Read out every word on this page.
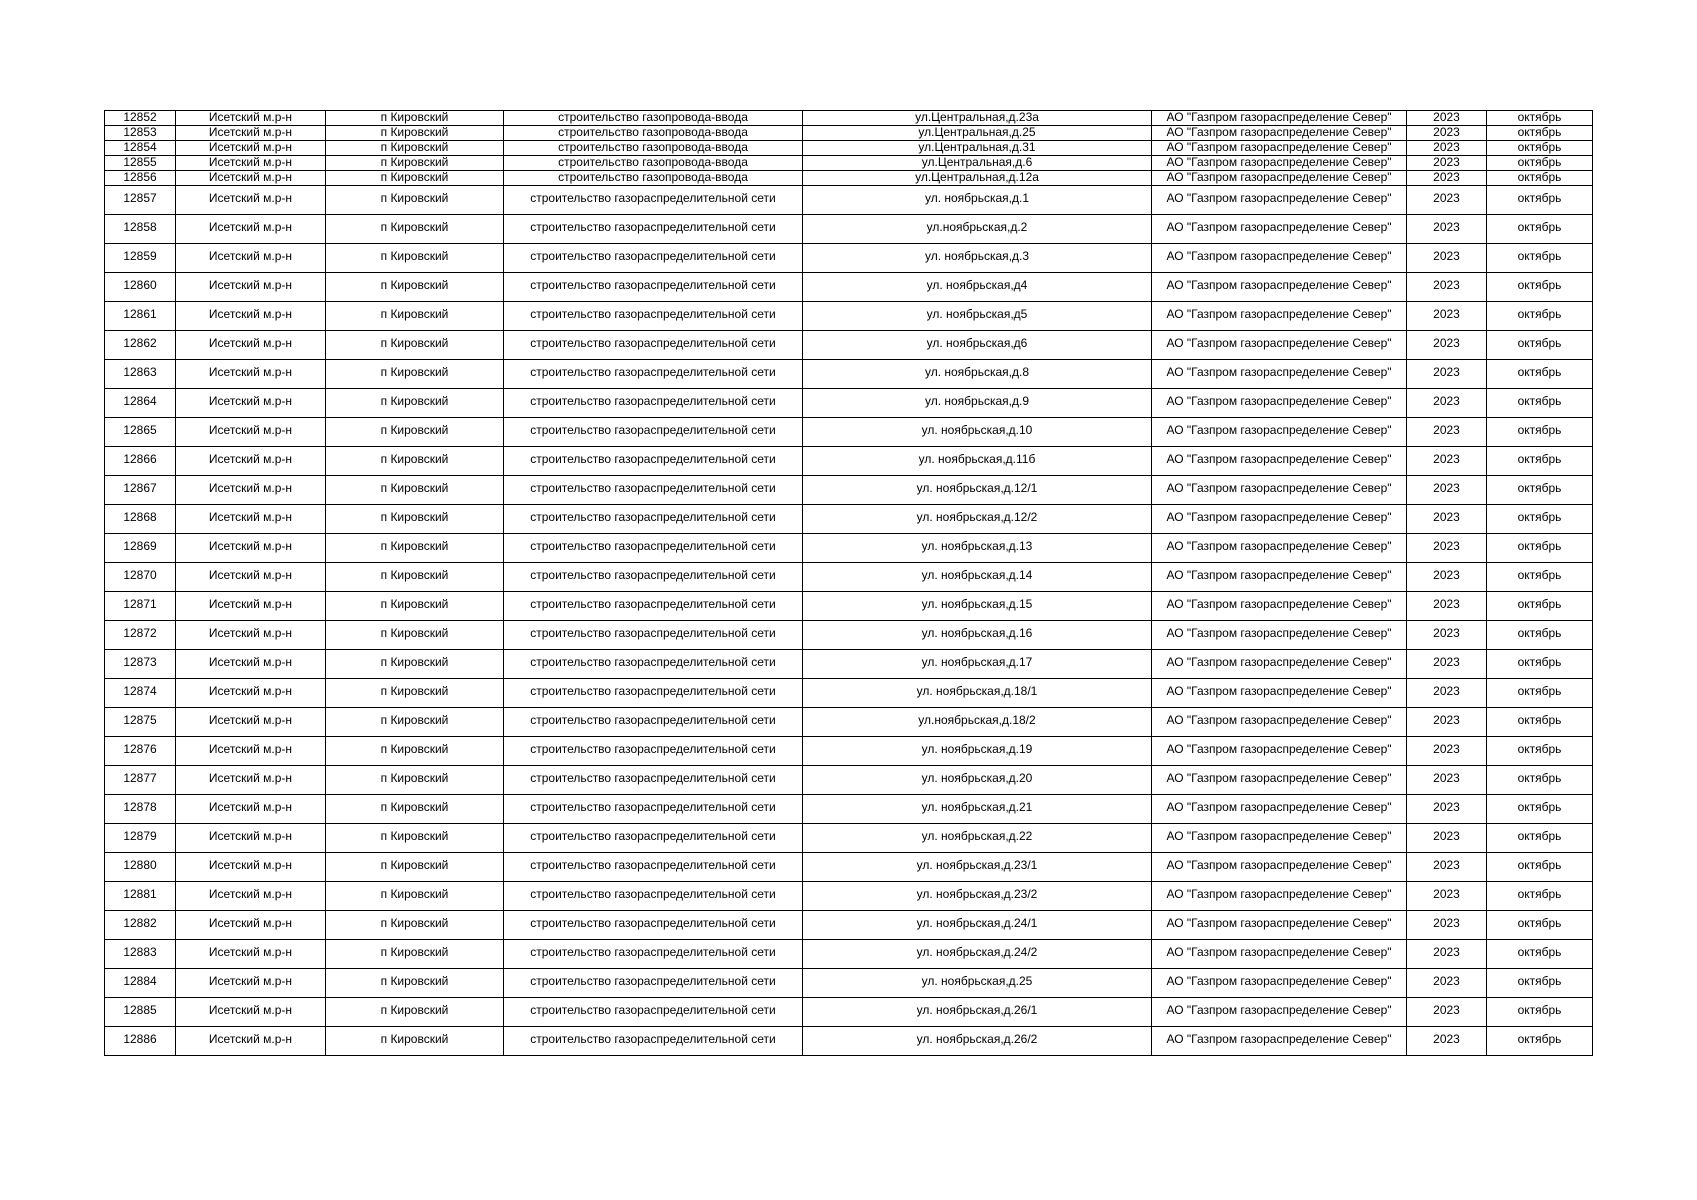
12852	Исетский м.р-н	п Кировский	строительство газопровода-ввода	ул.Центральная,д.23а	АО "Газпром газораспределение Север"	2023	октябрь
12853	Исетский м.р-н	п Кировский	строительство газопровода-ввода	ул.Центральная,д.25	АО "Газпром газораспределение Север"	2023	октябрь
12854	Исетский м.р-н	п Кировский	строительство газопровода-ввода	ул.Центральная,д.31	АО "Газпром газораспределение Север"	2023	октябрь
12855	Исетский м.р-н	п Кировский	строительство газопровода-ввода	ул.Центральная,д.6	АО "Газпром газораспределение Север"	2023	октябрь
12856	Исетский м.р-н	п Кировский	строительство газопровода-ввода	ул.Центральная,д.12а	АО "Газпром газораспределение Север"	2023	октябрь
12857	Исетский м.р-н	п Кировский	строительство газораспределительной сети	ул. ноябрьская,д.1	АО "Газпром газораспределение Север"	2023	октябрь
12858	Исетский м.р-н	п Кировский	строительство газораспределительной сети	ул.ноябрьская,д.2	АО "Газпром газораспределение Север"	2023	октябрь
12859	Исетский м.р-н	п Кировский	строительство газораспределительной сети	ул. ноябрьская,д.3	АО "Газпром газораспределение Север"	2023	октябрь
12860	Исетский м.р-н	п Кировский	строительство газораспределительной сети	ул. ноябрьская,д4	АО "Газпром газораспределение Север"	2023	октябрь
12861	Исетский м.р-н	п Кировский	строительство газораспределительной сети	ул. ноябрьская,д5	АО "Газпром газораспределение Север"	2023	октябрь
12862	Исетский м.р-н	п Кировский	строительство газораспределительной сети	ул. ноябрьская,д6	АО "Газпром газораспределение Север"	2023	октябрь
12863	Исетский м.р-н	п Кировский	строительство газораспределительной сети	ул. ноябрьская,д.8	АО "Газпром газораспределение Север"	2023	октябрь
12864	Исетский м.р-н	п Кировский	строительство газораспределительной сети	ул. ноябрьская,д.9	АО "Газпром газораспределение Север"	2023	октябрь
12865	Исетский м.р-н	п Кировский	строительство газораспределительной сети	ул. ноябрьская,д.10	АО "Газпром газораспределение Север"	2023	октябрь
12866	Исетский м.р-н	п Кировский	строительство газораспределительной сети	ул. ноябрьская,д.11б	АО "Газпром газораспределение Север"	2023	октябрь
12867	Исетский м.р-н	п Кировский	строительство газораспределительной сети	ул. ноябрьская,д.12/1	АО "Газпром газораспределение Север"	2023	октябрь
12868	Исетский м.р-н	п Кировский	строительство газораспределительной сети	ул. ноябрьская,д.12/2	АО "Газпром газораспределение Север"	2023	октябрь
12869	Исетский м.р-н	п Кировский	строительство газораспределительной сети	ул. ноябрьская,д.13	АО "Газпром газораспределение Север"	2023	октябрь
12870	Исетский м.р-н	п Кировский	строительство газораспределительной сети	ул. ноябрьская,д.14	АО "Газпром газораспределение Север"	2023	октябрь
12871	Исетский м.р-н	п Кировский	строительство газораспределительной сети	ул. ноябрьская,д.15	АО "Газпром газораспределение Север"	2023	октябрь
12872	Исетский м.р-н	п Кировский	строительство газораспределительной сети	ул. ноябрьская,д.16	АО "Газпром газораспределение Север"	2023	октябрь
12873	Исетский м.р-н	п Кировский	строительство газораспределительной сети	ул. ноябрьская,д.17	АО "Газпром газораспределение Север"	2023	октябрь
12874	Исетский м.р-н	п Кировский	строительство газораспределительной сети	ул. ноябрьская,д.18/1	АО "Газпром газораспределение Север"	2023	октябрь
12875	Исетский м.р-н	п Кировский	строительство газораспределительной сети	ул.ноябрьская,д.18/2	АО "Газпром газораспределение Север"	2023	октябрь
12876	Исетский м.р-н	п Кировский	строительство газораспределительной сети	ул. ноябрьская,д.19	АО "Газпром газораспределение Север"	2023	октябрь
12877	Исетский м.р-н	п Кировский	строительство газораспределительной сети	ул. ноябрьская,д.20	АО "Газпром газораспределение Север"	2023	октябрь
12878	Исетский м.р-н	п Кировский	строительство газораспределительной сети	ул. ноябрьская,д.21	АО "Газпром газораспределение Север"	2023	октябрь
12879	Исетский м.р-н	п Кировский	строительство газораспределительной сети	ул. ноябрьская,д.22	АО "Газпром газораспределение Север"	2023	октябрь
12880	Исетский м.р-н	п Кировский	строительство газораспределительной сети	ул. ноябрьская,д.23/1	АО "Газпром газораспределение Север"	2023	октябрь
12881	Исетский м.р-н	п Кировский	строительство газораспределительной сети	ул. ноябрьская,д.23/2	АО "Газпром газораспределение Север"	2023	октябрь
12882	Исетский м.р-н	п Кировский	строительство газораспределительной сети	ул. ноябрьская,д.24/1	АО "Газпром газораспределение Север"	2023	октябрь
12883	Исетский м.р-н	п Кировский	строительство газораспределительной сети	ул. ноябрьская,д.24/2	АО "Газпром газораспределение Север"	2023	октябрь
12884	Исетский м.р-н	п Кировский	строительство газораспределительной сети	ул. ноябрьская,д.25	АО "Газпром газораспределение Север"	2023	октябрь
12885	Исетский м.р-н	п Кировский	строительство газораспределительной сети	ул. ноябрьская,д.26/1	АО "Газпром газораспределение Север"	2023	октябрь
12886	Исетский м.р-н	п Кировский	строительство газораспределительной сети	ул. ноябрьская,д.26/2	АО "Газпром газораспределение Север"	2023	октябрь
